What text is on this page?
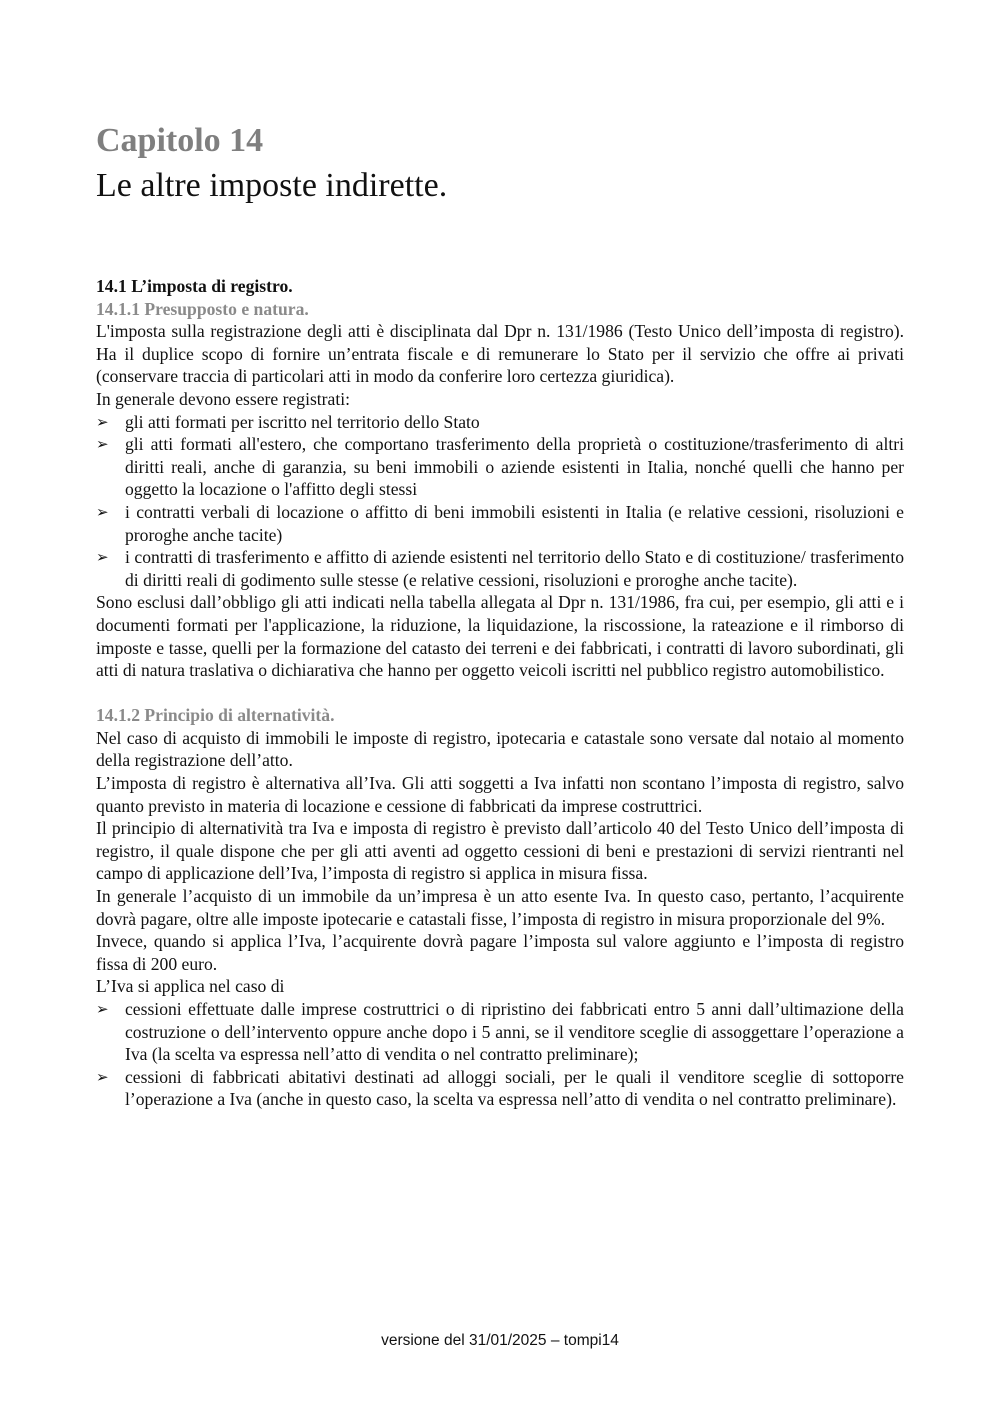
Capitolo 14
Le altre imposte indirette.
14.1 L’imposta di registro.
14.1.1 Presupposto e natura.

L'imposta sulla registrazione degli atti è disciplinata dal Dpr n. 131/1986 (Testo Unico dell’imposta di registro). Ha il duplice scopo di fornire un’entrata fiscale e di remunerare lo Stato per il servizio che offre ai privati (conservare traccia di particolari atti in modo da conferire loro certezza giuridica).

In generale devono essere registrati:

➢ gli atti formati per iscritto nel territorio dello Stato
➢ gli atti formati all'estero, che comportano trasferimento della proprietà o costituzione/trasferimento di altri diritti reali, anche di garanzia, su beni immobili o aziende esistenti in Italia, nonché quelli che hanno per oggetto la locazione o l'affitto degli stessi
➢ i contratti verbali di locazione o affitto di beni immobili esistenti in Italia (e relative cessioni, risoluzioni e proroghe anche tacite)
➢ i contratti di trasferimento e affitto di aziende esistenti nel territorio dello Stato e di costituzione/ trasferimento di diritti reali di godimento sulle stesse (e relative cessioni, risoluzioni e proroghe anche tacite).

Sono esclusi dall’obbligo gli atti indicati nella tabella allegata al Dpr n. 131/1986, fra cui, per esempio, gli atti e i documenti formati per l'applicazione, la riduzione, la liquidazione, la riscossione, la rateazione e il rimborso di imposte e tasse, quelli per la formazione del catasto dei terreni e dei fabbricati, i contratti di lavoro subordinati, gli atti di natura traslativa o dichiarativa che hanno per oggetto veicoli iscritti nel pubblico registro automobilistico.

14.1.2 Principio di alternatività.

Nel caso di acquisto di immobili le imposte di registro, ipotecaria e catastale sono versate dal notaio al momento della registrazione dell’atto.

L’imposta di registro è alternativa all’Iva. Gli atti soggetti a Iva infatti non scontano l’imposta di registro, salvo quanto previsto in materia di locazione e cessione di fabbricati da imprese costruttrici.

Il principio di alternatività tra Iva e imposta di registro è previsto dall’articolo 40 del Testo Unico dell’imposta di registro, il quale dispone che per gli atti aventi ad oggetto cessioni di beni e prestazioni di servizi rientranti nel campo di applicazione dell’Iva, l’imposta di registro si applica in misura fissa.

In generale l’acquisto di un immobile da un’impresa è un atto esente Iva. In questo caso, pertanto, l’acquirente dovrà pagare, oltre alle imposte ipotecarie e catastali fisse, l’imposta di registro in misura proporzionale del 9%.

Invece, quando si applica l’Iva, l’acquirente dovrà pagare l’imposta sul valore aggiunto e l’imposta di registro fissa di 200 euro.

L’Iva si applica nel caso di

➢ cessioni effettuate dalle imprese costruttrici o di ripristino dei fabbricati entro 5 anni dall’ultimazione della costruzione o dell’intervento oppure anche dopo i 5 anni, se il venditore sceglie di assoggettare l’operazione a Iva (la scelta va espressa nell’atto di vendita o nel contratto preliminare);
➢ cessioni di fabbricati abitativi destinati ad alloggi sociali, per le quali il venditore sceglie di sottoporre l’operazione a Iva (anche in questo caso, la scelta va espressa nell’atto di vendita o nel contratto preliminare).
versione del 31/01/2025 – tompi14
